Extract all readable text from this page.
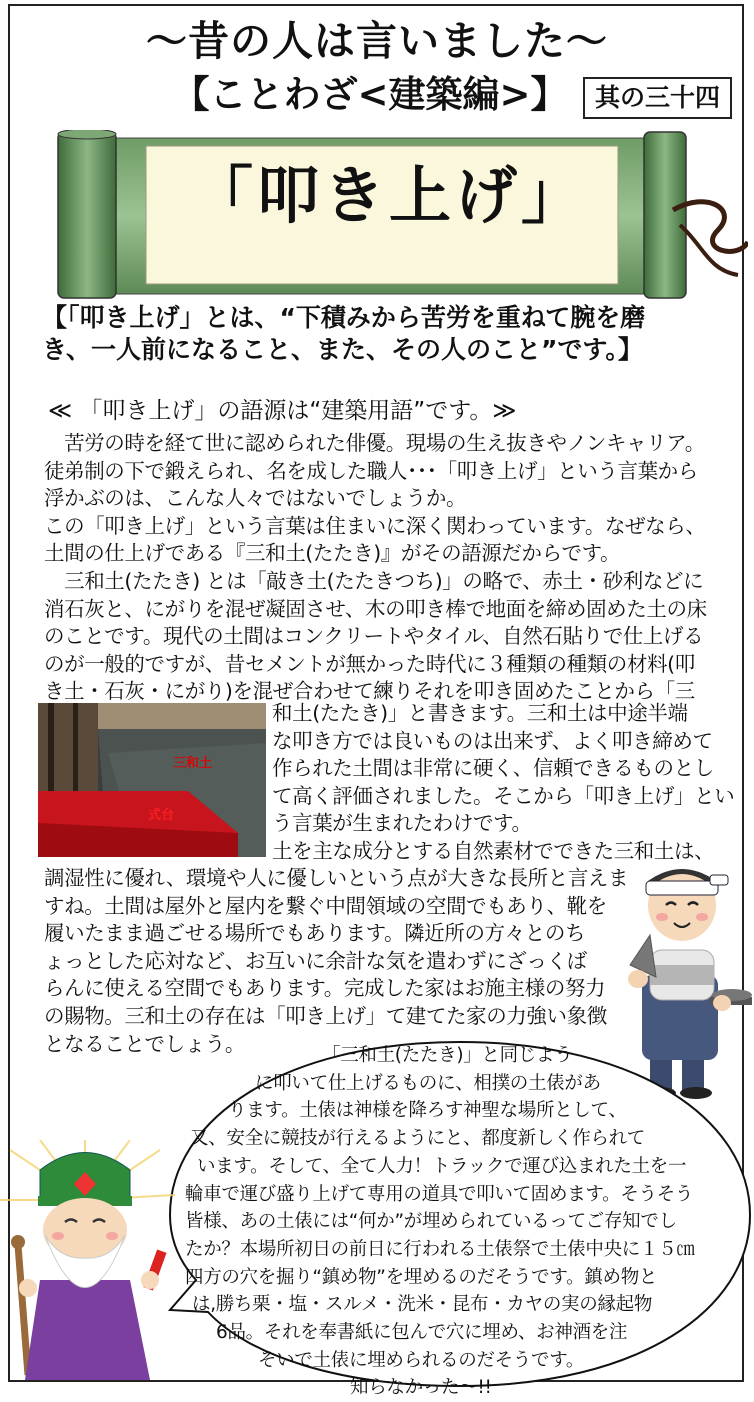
～昔の人は言いました～
【ことわざ<建築編>】	其の三十四
「叩き上げ」
【「叩き上げ」とは、“下積みから苦労を重ねて腕を磨
き、一人前になること、また、その人のこと”です。】
≪ 「叩き上げ」の語源は“建築用語”です。≫
　苦労の時を経て世に認められた俳優。現場の生え抜きやノンキャリア。
徒弟制の下で鍛えられ、名を成した職人･･･「叩き上げ」という言葉から
浮かぶのは、こんな人々ではないでしょうか。
この「叩き上げ」という言葉は住まいに深く関わっています。なぜなら、
土間の仕上げである『三和土(たたき)』がその語源だからです。
　三和土(たたき) とは「敲き土(たたきつち)」の略で、赤土・砂利などに
消石灰と、にがりを混ぜ凝固させ、木の叩き棒で地面を締め固めた土の床
のことです。現代の土間はコンクリートやタイル、自然石貼りで仕上げる
のが一般的ですが、昔セメントが無かった時代に３種類の種類の材料(叩
き土・石灰・にがり)を混ぜ合わせて練りそれを叩き固めたことから「三
三和土
式台
和土(たたき)」と書きます。三和土は中途半端
な叩き方では良いものは出来ず、よく叩き締めて
作られた土間は非常に硬く、信頼できるものとし
て高く評価されました。そこから「叩き上げ」とい
う言葉が生まれたわけです。
土を主な成分とする自然素材でできた三和土は、
調湿性に優れ、環境や人に優しいという点が大きな長所と言えま
すね。土間は屋外と屋内を繋ぐ中間領域の空間でもあり、靴を
履いたまま過ごせる場所でもあります。隣近所の方々とのち
ょっとした応対など、お互いに余計な気を遣わずにざっくば
らんに使える空間でもあります。完成した家はお施主様の努力
の賜物。三和土の存在は「叩き上げ」て建てた家の力強い象徴
となることでしょう。	「三和土(たたき)」と同じよう
に叩いて仕上げるものに、相撲の土俵があ
ります。土俵は神様を降ろす神聖な場所として、
又、安全に競技が行えるようにと、都度新しく作られて
います。そして、全て人力！トラックで運び込まれた土を一
輪車で運び盛り上げて専用の道具で叩いて固めます。そうそう
皆様、あの土俵には“何か”が埋められているってご存知でし
たか？本場所初日の前日に行われる土俵祭で土俵中央に１５㎝
四方の穴を掘り“鎮め物”を埋めるのだそうです。鎮め物と
は,勝ち栗・塩・スルメ・洗米・昆布・カヤの実の縁起物
6品。それを奉書紙に包んで穴に埋め、お神酒を注
そいで土俵に埋められるのだそうです。
知らなかった～!!
